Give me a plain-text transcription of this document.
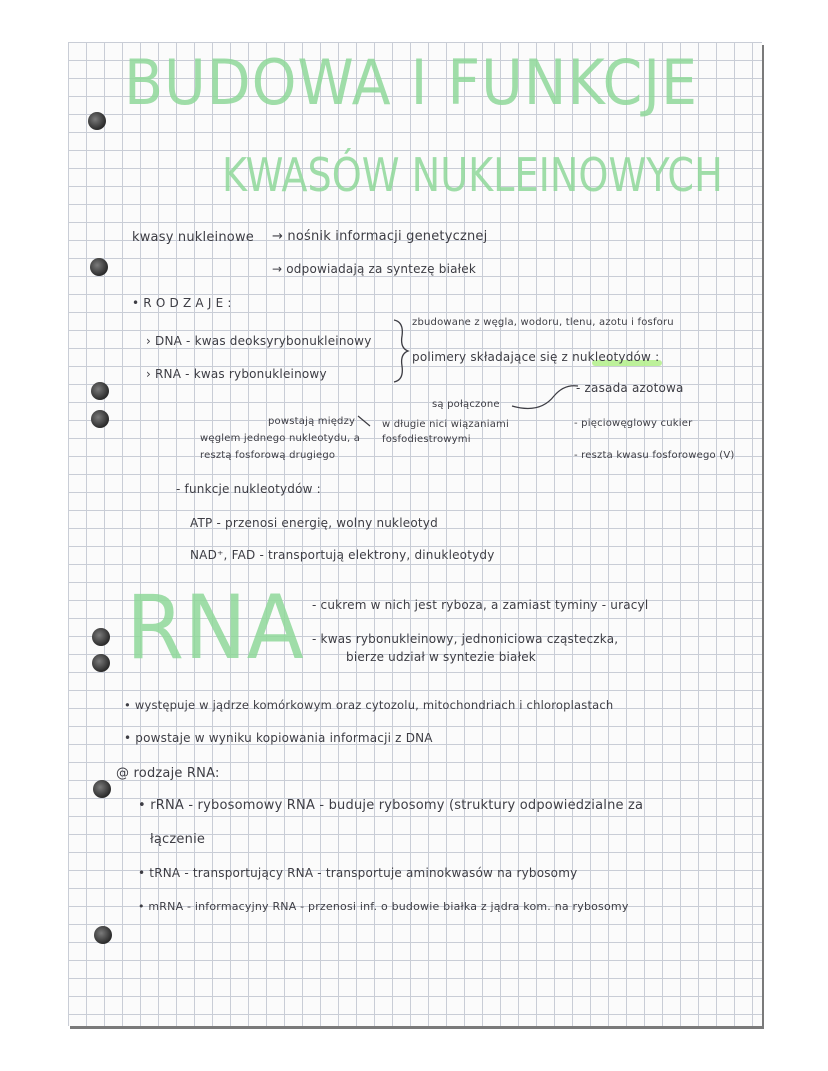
BUDOWA I FUNKCJE
KWASÓW NUKLEINOWYCH
kwasy nukleinowe → nośnik informacji genetycznej
→ odpowiadają za syntezę białek
• R O D Z A J E :
› DNA - kwas deoksyrybonukleinowy
› RNA - kwas rybonukleinowy
zbudowane z węgla, wodoru, tlenu, azotu i fosforu
polimery składające się z nukleotydów :
są połączone
w długie nici wiązaniami fosfodiestrowymi
powstają między
węglem jednego nukleotydu, a
resztą fosforową drugiego
- zasada azotowa
- pięciowęglowy cukier
- reszta kwasu fosforowego (V)
- funkcje nukleotydów :
ATP - przenosi energię, wolny nukleotyd
NAD⁺, FAD - transportują elektrony, dinukleotydy
RNA - cukrem w nich jest ryboza, a zamiast tyminy - uracyl
- kwas rybonukleinowy, jednoniciowa cząsteczka,
bierze udział w syntezie białek
• występuje w jądrze komórkowym oraz cytozolu, mitochondriach i chloroplastach
• powstaje w wyniku kopiowania informacji z DNA
@ rodzaje RNA:
• rRNA - rybosomowy RNA - buduje rybosomy (struktury odpowiedzialne za
łączenie
• tRNA - transportujący RNA - transportuje aminokwasów na rybosomy
• mRNA - informacyjny RNA - przenosi inf. o budowie białka z jądra kom. na rybosomy
